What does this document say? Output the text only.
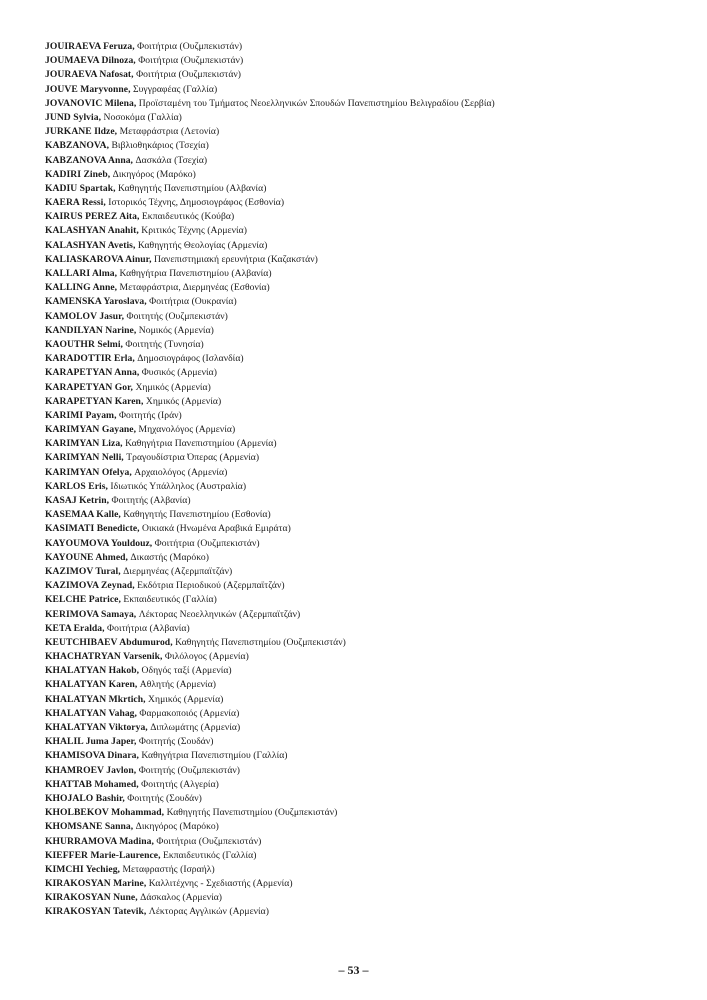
JOUIRAEVA Feruza, Φοιτήτρια (Ουζμπεκιστάν)
JOUMAEVA Dilnoza, Φοιτήτρια (Ουζμπεκιστάν)
JOURAEVA Nafosat, Φοιτήτρια (Ουζμπεκιστάν)
JOUVE Maryvonne, Συγγραφέας (Γαλλία)
JOVANOVIC Milena, Προϊσταμένη του Τμήματος Νεοελληνικών Σπουδών Πανεπιστημίου Βελιγραδίου (Σερβία)
JUND Sylvia, Νοσοκόμα (Γαλλία)
JURKANE Ildze, Μεταφράστρια (Λετονία)
KABZANOVA, Βιβλιοθηκάριος (Τσεχία)
KABZANOVA Anna, Δασκάλα (Τσεχία)
KADIRI Zineb, Δικηγόρος (Μαρόκο)
KADIU Spartak, Καθηγητής Πανεπιστημίου (Αλβανία)
KAERA Ressi, Ιστορικός Τέχνης, Δημοσιογράφος (Εσθονία)
KAIRUS PEREZ Aita, Εκπαιδευτικός (Κούβα)
KALASHYAN Anahit, Κριτικός Τέχνης (Αρμενία)
KALASHYAN Avetis, Καθηγητής Θεολογίας (Αρμενία)
KALIASKAROVA Ainur, Πανεπιστημιακή ερευνήτρια (Καζακστάν)
KALLARI Alma, Καθηγήτρια Πανεπιστημίου (Αλβανία)
KALLING Anne, Μεταφράστρια, Διερμηνέας (Εσθονία)
KAMENSKA Yaroslava, Φοιτήτρια (Ουκρανία)
KAMOLOV Jasur, Φοιτητής (Ουζμπεκιστάν)
KANDILYAN Narine, Νομικός (Αρμενία)
KAOUTHR Selmi, Φοιτητής (Τυνησία)
KARADOTTIR Erla, Δημοσιογράφος (Ισλανδία)
KARAPETYAN Anna, Φυσικός (Αρμενία)
KARAPETYAN Gor, Χημικός (Αρμενία)
KARAPETYAN Karen, Χημικός (Αρμενία)
KARIMI Payam, Φοιτητής (Ιράν)
KARIMYAN Gayane, Μηχανολόγος (Αρμενία)
KARIMYAN Liza, Καθηγήτρια Πανεπιστημίου (Αρμενία)
KARIMYAN Nelli, Τραγουδίστρια Όπερας (Αρμενία)
KARIMYAN Ofelya, Αρχαιολόγος (Αρμενία)
KARLOS Eris, Ιδιωτικός Υπάλληλος (Αυστραλία)
KASAJ Ketrin, Φοιτητής (Αλβανία)
KASEMAA Kalle, Καθηγητής Πανεπιστημίου (Εσθονία)
KASIMATI Benedicte, Οικιακά (Ηνωμένα Αραβικά Εμιράτα)
KAYOUMOVA Youldouz, Φοιτήτρια (Ουζμπεκιστάν)
KAYOUNE Ahmed, Δικαστής (Μαρόκο)
KAZIMOV Tural, Διερμηνέας (Αζερμπαϊτζάν)
KAZIMOVA Zeynad, Εκδότρια Περιοδικού (Αζερμπαϊτζάν)
KELCHE Patrice, Εκπαιδευτικός (Γαλλία)
KERIMOVA Samaya, Λέκτορας Νεοελληνικών (Αζερμπαϊτζάν)
KETA Eralda, Φοιτήτρια (Αλβανία)
KEUTCHIBAEV Abdumurod, Καθηγητής Πανεπιστημίου (Ουζμπεκιστάν)
KHACHATRYAN Varsenik, Φιλόλογος (Αρμενία)
KHALATYAN Hakob, Οδηγός ταξί (Αρμενία)
KHALATYAN Karen, Αθλητής (Αρμενία)
KHALATYAN Mkrtich, Χημικός (Αρμενία)
KHALATYAN Vahag, Φαρμακοποιός (Αρμενία)
KHALATYAN Viktorya, Διπλωμάτης (Αρμενία)
KHALIL Juma Japer, Φοιτητής (Σουδάν)
KHAMISOVA Dinara, Καθηγήτρια Πανεπιστημίου (Γαλλία)
KHAMROEV Javlon, Φοιτητής (Ουζμπεκιστάν)
KHATTAB Mohamed, Φοιτητής (Αλγερία)
KHOJALO Bashir, Φοιτητής (Σουδάν)
KHOLBEKOV Mohammad, Καθηγητής Πανεπιστημίου (Ουζμπεκιστάν)
KHOMSANE Sanna, Δικηγόρος (Μαρόκο)
KHURRAMOVA Madina, Φοιτήτρια (Ουζμπεκιστάν)
KIEFFER Marie-Laurence, Εκπαιδευτικός (Γαλλία)
KIMCHI Yechieg, Μεταφραστής (Ισραήλ)
KIRAKOSYAN Marine, Καλλιτέχνης - Σχεδιαστής (Αρμενία)
KIRAKOSYAN Nune, Δάσκαλος (Αρμενία)
KIRAKOSYAN Tatevik, Λέκτορας Αγγλικών (Αρμενία)
– 53 –
